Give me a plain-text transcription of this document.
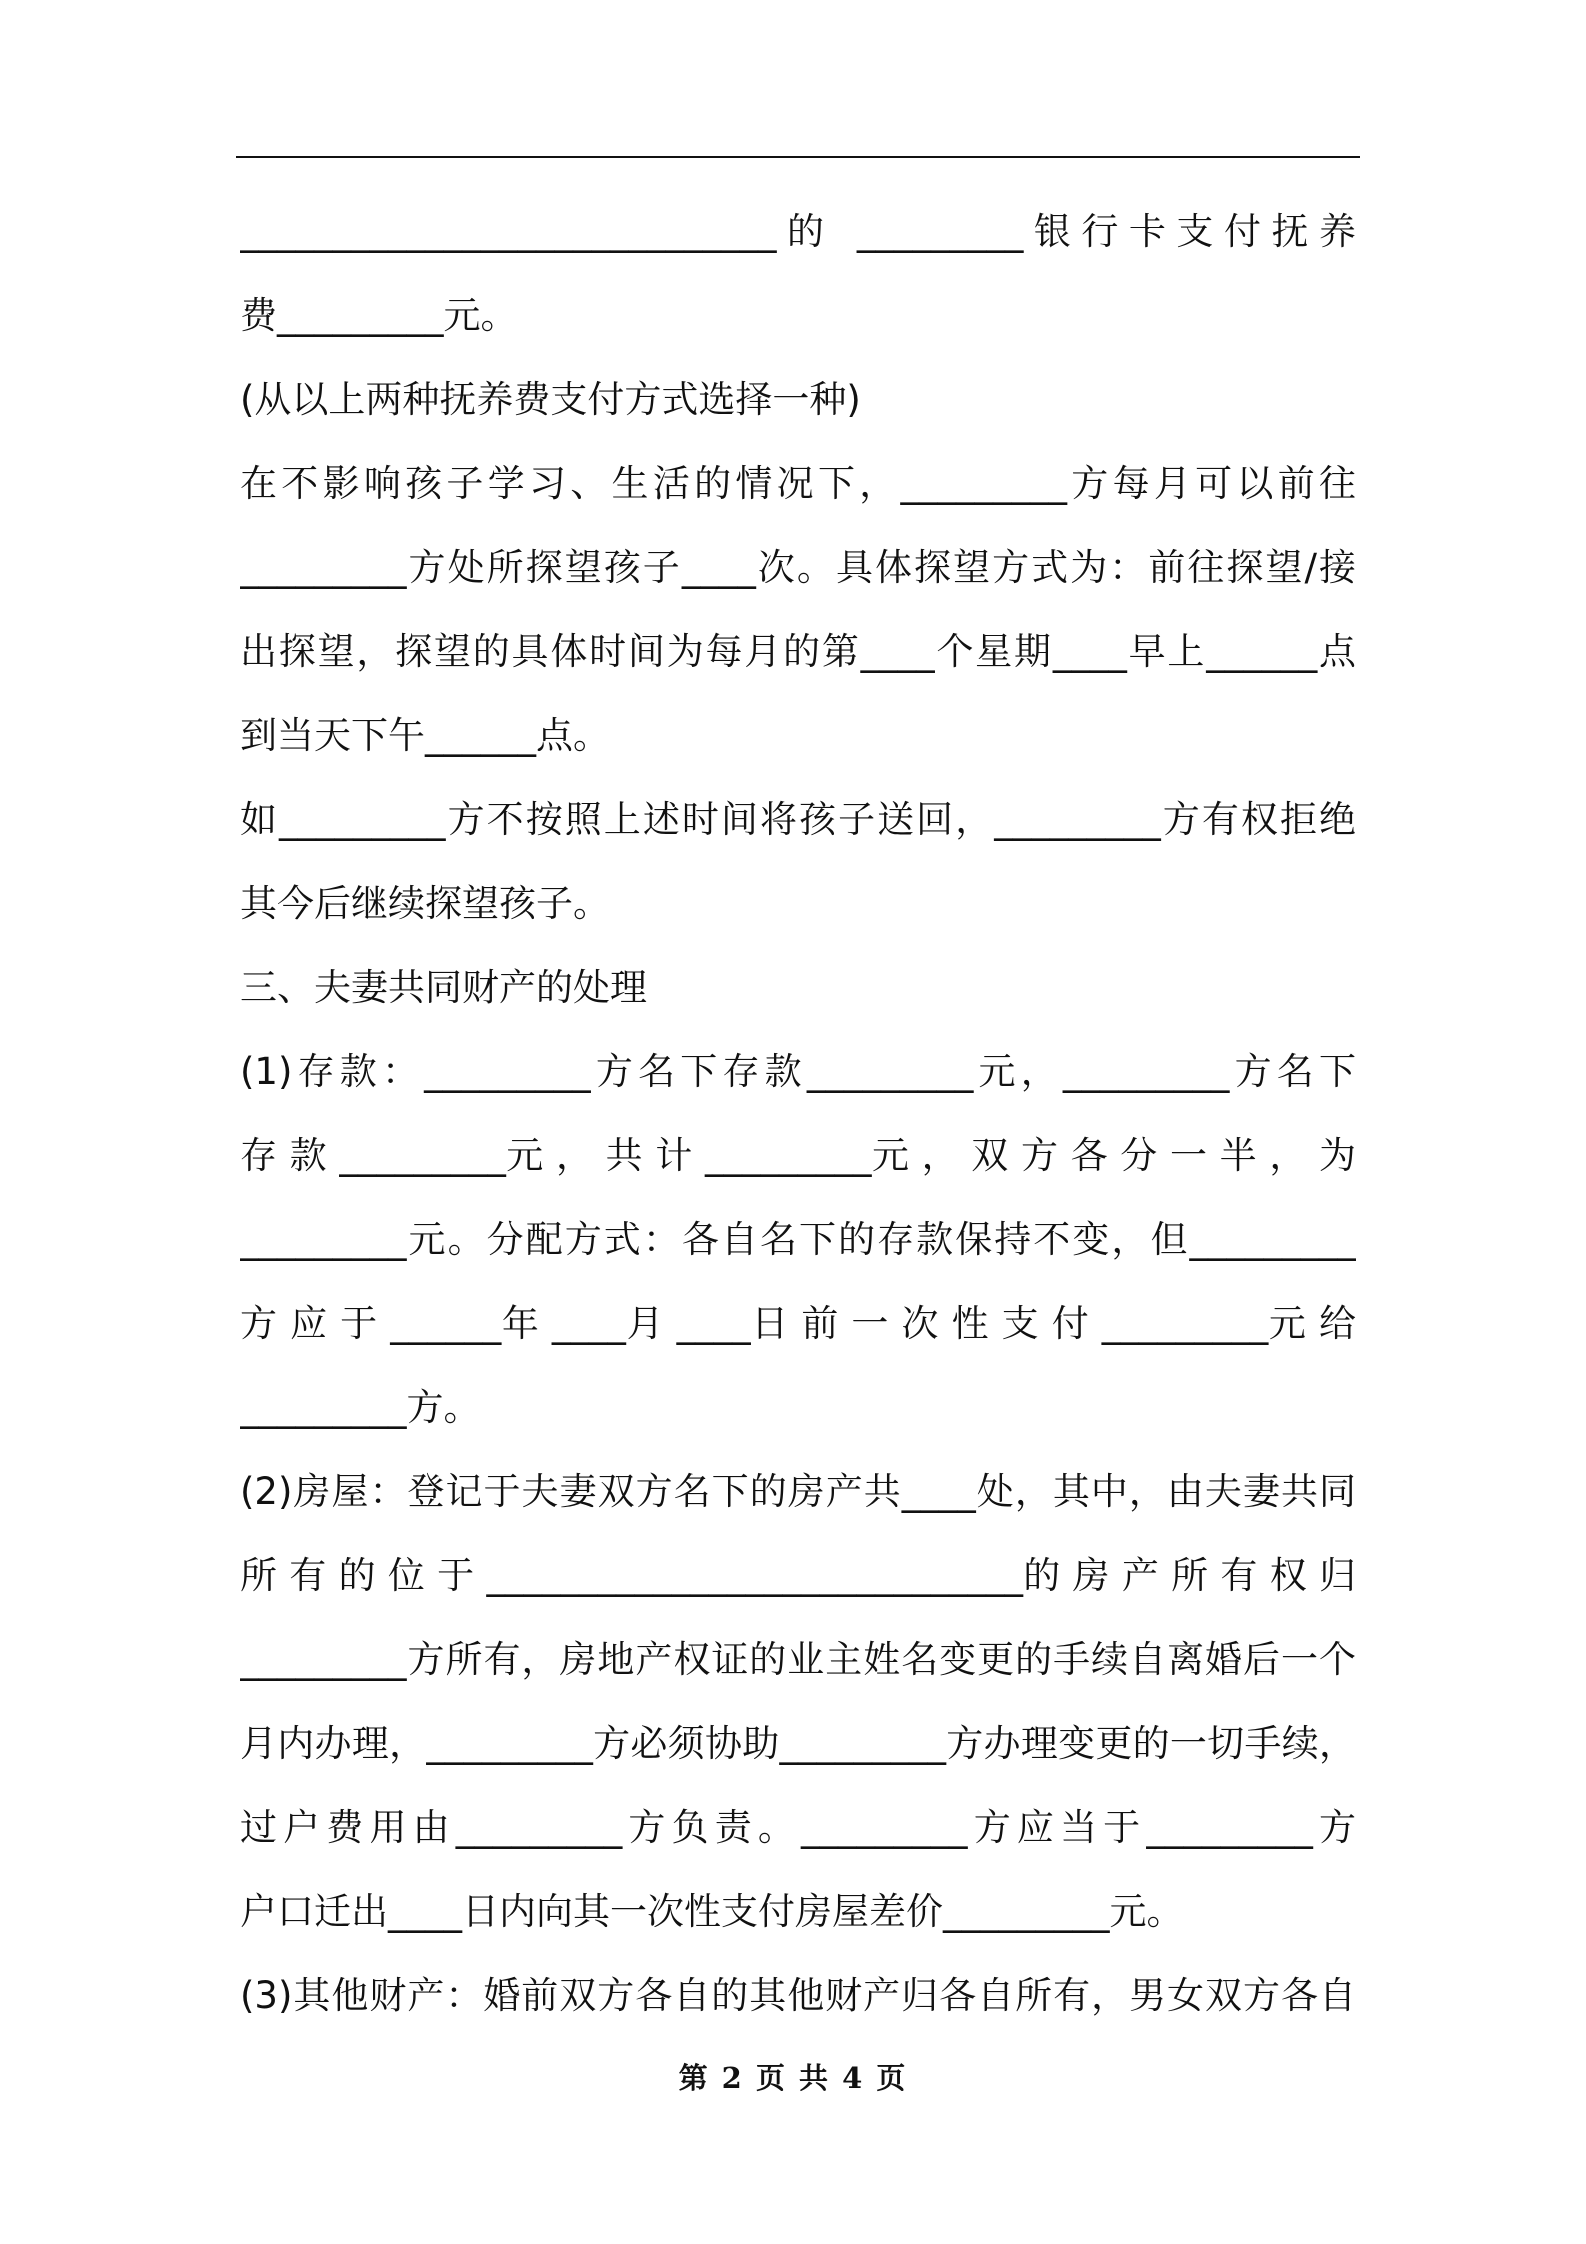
_____________________________的 _________银行卡支付抚养
费_________元。
(从以上两种抚养费支付方式选择一种)
在不影响孩子学习、生活的情况下，_________方每月可以前往
_________方处所探望孩子____次。具体探望方式为：前往探望/接
出探望，探望的具体时间为每月的第____个星期____早上______点
到当天下午______点。
如_________方不按照上述时间将孩子送回，_________方有权拒绝
其今后继续探望孩子。
三、夫妻共同财产的处理
(1)存款：_________方名下存款_________元，_________方名下
存 款 _________元 ， 共 计 _________元 ， 双 方 各 分 一 半 ， 为
_________元。分配方式：各自名下的存款保持不变，但_________
方 应 于 ______年 ____月 ____日 前 一 次 性 支 付 _________元 给
_________方。
(2)房屋：登记于夫妻双方名下的房产共____处，其中，由夫妻共同
所 有 的 位 于 _____________________________的 房 产 所 有 权 归
_________方所有，房地产权证的业主姓名变更的手续自离婚后一个
月内办理，_________方必须协助_________方办理变更的一切手续，
过户费用由_________方负责。_________方应当于_________方
户口迁出____日内向其一次性支付房屋差价_________元。
(3)其他财产：婚前双方各自的其他财产归各自所有，男女双方各自
第 2 页 共 4 页
